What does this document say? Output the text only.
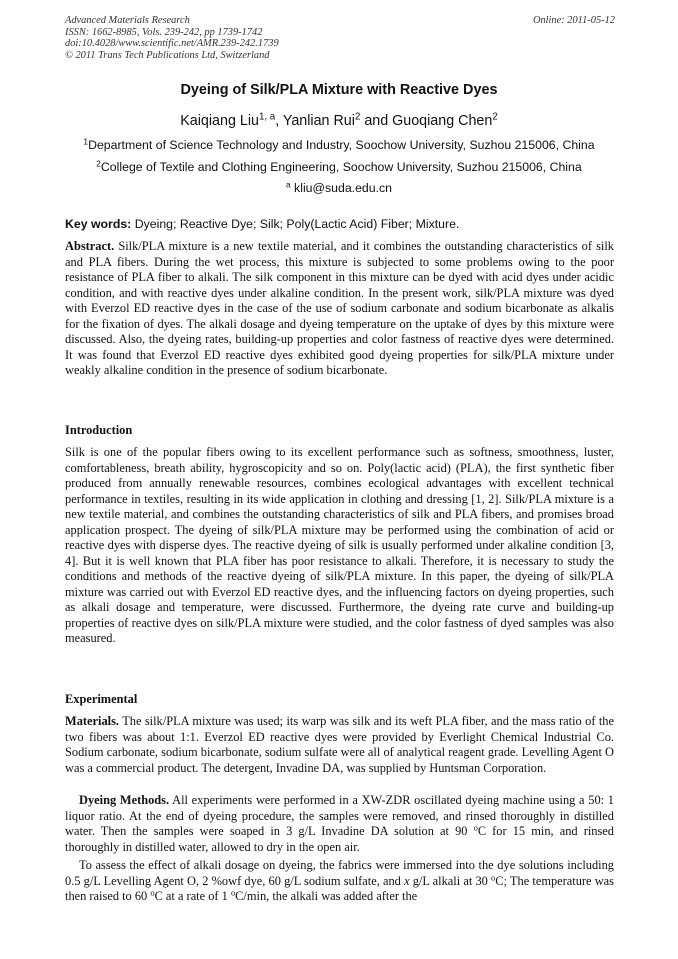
Advanced Materials Research
ISSN: 1662-8985, Vols. 239-242, pp 1739-1742
doi:10.4028/www.scientific.net/AMR.239-242.1739
© 2011 Trans Tech Publications Ltd, Switzerland
Online: 2011-05-12
Dyeing of Silk/PLA Mixture with Reactive Dyes
Kaiqiang Liu$^{1, a}$, Yanlian Rui$^2$ and Guoqiang Chen$^2$
$^1$Department of Science Technology and Industry, Soochow University, Suzhou 215006, China
$^2$College of Textile and Clothing Engineering, Soochow University, Suzhou 215006, China
$^a$ kliu@suda.edu.cn
Key words: Dyeing; Reactive Dye; Silk; Poly(Lactic Acid) Fiber; Mixture.

Abstract. Silk/PLA mixture is a new textile material, and it combines the outstanding characteristics of silk and PLA fibers. During the wet process, this mixture is subjected to some problems owing to the poor resistance of PLA fiber to alkali. The silk component in this mixture can be dyed with acid dyes under acidic condition, and with reactive dyes under alkaline condition. In the present work, silk/PLA mixture was dyed with Everzol ED reactive dyes in the case of the use of sodium carbonate and sodium bicarbonate as alkalis for the fixation of dyes. The alkali dosage and dyeing temperature on the uptake of dyes by this mixture were discussed. Also, the dyeing rates, building-up properties and color fastness of reactive dyes were determined. It was found that Everzol ED reactive dyes exhibited good dyeing properties for silk/PLA mixture under weakly alkaline condition in the presence of sodium bicarbonate.

Introduction

Silk is one of the popular fibers owing to its excellent performance such as softness, smoothness, luster, comfortableness, breath ability, hygroscopicity and so on. Poly(lactic acid) (PLA), the first synthetic fiber produced from annually renewable resources, combines ecological advantages with excellent technical performance in textiles, resulting in its wide application in clothing and dressing [1, 2]. Silk/PLA mixture is a new textile material, and combines the outstanding characteristics of silk and PLA fibers, and promises broad application prospect. The dyeing of silk/PLA mixture may be performed using the combination of acid or reactive dyes with disperse dyes. The reactive dyeing of silk is usually performed under alkaline condition [3, 4]. But it is well known that PLA fiber has poor resistance to alkali. Therefore, it is necessary to study the conditions and methods of the reactive dyeing of silk/PLA mixture. In this paper, the dyeing of silk/PLA mixture was carried out with Everzol ED reactive dyes, and the influencing factors on dyeing properties, such as alkali dosage and temperature, were discussed. Furthermore, the dyeing rate curve and building-up properties of reactive dyes on silk/PLA mixture were studied, and the color fastness of dyed samples was also measured.

Experimental

Materials. The silk/PLA mixture was used; its warp was silk and its weft PLA fiber, and the mass ratio of the two fibers was about 1:1. Everzol ED reactive dyes were provided by Everlight Chemical Industrial Co. Sodium carbonate, sodium bicarbonate, sodium sulfate were all of analytical reagent grade. Levelling Agent O was a commercial product. The detergent, Invadine DA, was supplied by Huntsman Corporation.

Dyeing Methods. All experiments were performed in a XW-ZDR oscillated dyeing machine using a 50: 1 liquor ratio. At the end of dyeing procedure, the samples were removed, and rinsed thoroughly in distilled water. Then the samples were soaped in 3 g/L Invadine DA solution at 90 $^o$C for 15 min, and rinsed thoroughly in distilled water, allowed to dry in the open air.

To assess the effect of alkali dosage on dyeing, the fabrics were immersed into the dye solutions including 0.5 g/L Levelling Agent O, 2 %owf dye, 60 g/L sodium sulfate, and x g/L alkali at 30 $^o$C; The temperature was then raised to 60 $^o$C at a rate of 1 $^o$C/min, the alkali was added after the
